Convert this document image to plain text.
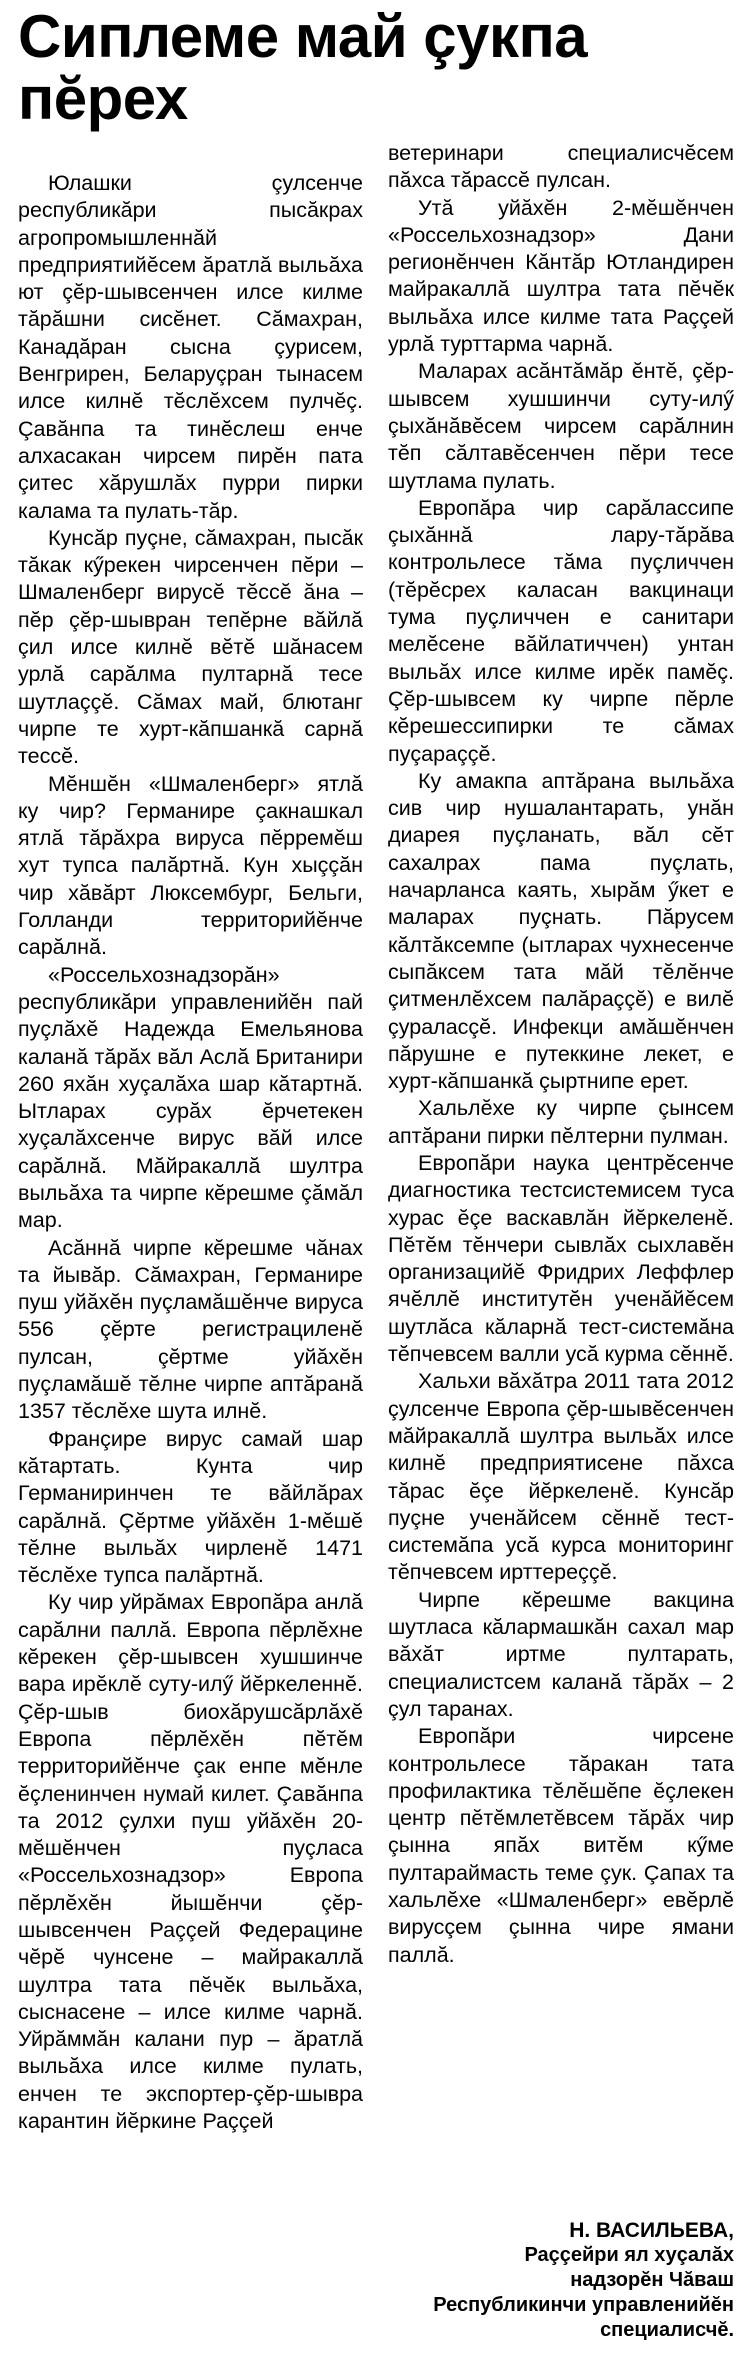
Сиплеме май çукпа пĕрех

Юлашки çулсенче республикăри пысăкрах агропромышленнăй предприятийĕсем ăратлă выльăха ют çĕр-шывсенчен илсе килме тăрăшни сисĕнет. Сăмахран, Канадăран сысна çурисем, Венгрирен, Беларуçран тынасем илсе килнĕ тĕслĕхсем пулчĕç. Çавăнпа та тинĕслеш енче алхасакан чирсем пирĕн пата çитес хăрушлăх пурри пирки калама та пулать-тăр.

Кунсăр пуçне, сăмахран, пысăк тăкак кӳрекен чирсенчен пĕри – Шмаленберг вирусĕ тĕссĕ ăна – пĕр çĕр-шывран тепĕрне вăйлă çил илсе килнĕ вĕтĕ шăнасем урлă сарăлма пултарнă тесе шутлаççĕ. Сăмах май, блютанг чирпе те хурт-кăпшанкă сарнă тессĕ.

Мĕншĕн «Шмаленберг» ятлă ку чир? Германире çакнашкал ятлă тăрăхра вируса пĕрремĕш хут тупса палăртнă. Кун хыççăн чир хăвăрт Люксембург, Бельги, Голланди территорийĕнче сарăлнă.

«Россельхознадзорăн» республикăри управленийĕн пай пуçлăхĕ Надежда Емельянова каланă тăрăх вăл Аслă Британири 260 яхăн хуçалăха шар кăтартнă. Ытларах сурăх ĕрчетекен хуçалăхсенче вирус вăй илсе сарăлнă. Мăйракаллă шултра выльăха та чирпе кĕрешме çăмăл мар.

Асăннă чирпе кĕрешме чăнах та йывăр. Сăмахран, Германире пуш уйăхĕн пуçламăшĕнче вируса 556 çĕрте регистрациленĕ пулсан, çĕртме уйăхĕн пуçламăшĕ тĕлне чирпе аптăранă 1357 тĕслĕхе шута илнĕ.

Франçире вирус самай шар кăтартать. Кунта чир Германиринчен те вăйлăрах сарăлнă. Çĕртме уйăхĕн 1-мĕшĕ тĕлне выльăх чирленĕ 1471 тĕслĕхе тупса палăртнă.

Ку чир уйрăмах Европăра анлă сарăлни паллă. Европа пĕрлĕхне кĕрекен çĕр-шывсен хушшинче вара ирĕклĕ суту-илӳ йĕркеленнĕ. Çĕр-шыв биохăрушсăрлăхĕ Европа пĕрлĕхĕн пĕтĕм территорийĕнче çак енпе мĕнле ĕçленинчен нумай килет. Çавăнпа та 2012 çулхи пуш уйăхĕн 20-мĕшĕнчен пуçласа «Россельхознадзор» Европа пĕрлĕхĕн йышĕнчи çĕр-шывсенчен Раççей Федерацине чĕрĕ чунсене – майракаллă шултра тата пĕчĕк выльăха, сыснасене – илсе килме чарнă. Уйрăммăн калани пур – ăратлă выльăха илсе килме пулать, енчен те экспортер-çĕр-шывра карантин йĕркине Раççей

ветеринари специалисчĕсем пăхса тăрассĕ пулсан.

Утă уйăхĕн 2-мĕшĕнчен «Россельхознадзор» Дани регионĕнчен Кăнтăр Ютландирен майракаллă шултра тата пĕчĕк выльăха илсе килме тата Раççей урлă турттарма чарнă.

Маларах асăнтăмăр ĕнтĕ, çĕр-шывсем хушшинчи суту-илӳ çыхăнăвĕсем чирсем сарăлнин тĕп сăлтавĕсенчен пĕри тесе шутлама пулать.

Европăра чир сарăлассипе çыхăннă лару-тăрăва контрольлесе тăма пуçличчен (тĕрĕсрех каласан вакцинаци тума пуçличчен е санитари мелĕсене вăйлатиччен) унтан выльăх илсе килме ирĕк памĕç. Çĕр-шывсем ку чирпе пĕрле кĕрешессипирки те сăмах пуçараççĕ.

Ку амакпа аптăрана выльăха сив чир нушалантарать, унăн диарея пуçланать, вăл сĕт сахалрах пама пуçлать, начарланса каять, хырăм ӳкет е малараx пуçнать. Пăрусем кăлтăксемпе (ытларах чухнесенче сыпăксем тата мăй тĕлĕнче çитменлĕхсем палăраççĕ) е вилĕ çураласçĕ. Инфекци амăшĕнчен пăрушне е путеккине лекет, е хурт-кăпшанкă çыртнипе ерет.

Хальлĕхе ку чирпе çынсем аптăрани пирки пĕлтерни пулман.

Европăри наука центрĕсенче диагностика тестсистемисем туса хурас ĕçе васкавлăн йĕркеленĕ. Пĕтĕм тĕнчери сывлăх сыхлавĕн организацийĕ Фридрих Леффлер ячĕллĕ институтĕн ученăйĕсем шутлăса кăларнă тест-системăна тĕпчевсем валли усă курма сĕннĕ.

Хальхи вăхăтра 2011 тата 2012 çулсенче Европа çĕр-шывĕсенчен мăйракаллă шултра выльăх илсе килнĕ предприятисене пăхса тăрас ĕçе йĕркеленĕ. Кунсăр пуçне ученăйсем сĕннĕ тест-системăпа усă курса мониторинг тĕпчевсем ирттереççĕ.

Чирпе кĕрешме вакцина шутласа кăлармашкăн сахал мар вăхăт иртме пултарать, специалистсем каланă тăрăх – 2 çул таранах.

Европăри чирсене контрольлесе тăракан тата профилактика тĕлĕшĕпе ĕçлекен центр пĕтĕмлетĕвсем тăрăх чир çынна япăх витĕм кӳме пултараймасть теме çук. Çапах та хальлĕхе «Шмаленберг» евĕрлĕ вирусçем çынна чире ямани паллă.

Н. ВАСИЛЬЕВА,
Раççейри ял хуçалăх
надзорĕн Чăваш
Республикинчи управленийĕн специалисчĕ.
